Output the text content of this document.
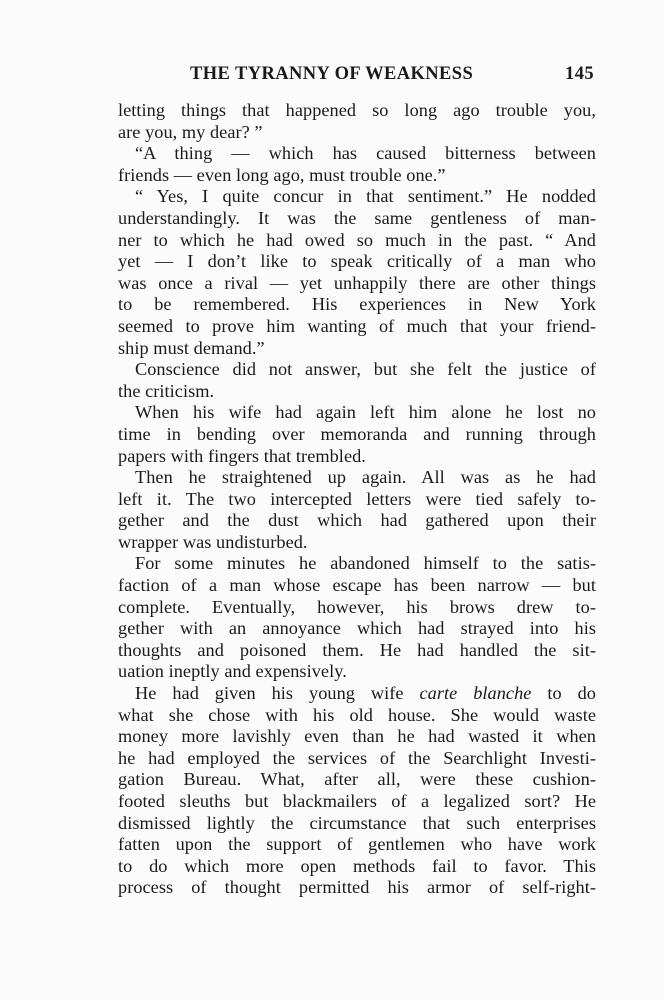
THE TYRANNY OF WEAKNESS	145
letting things that happened so long ago trouble you,
are you, my dear? ”
“A thing — which has caused bitterness between
friends — even long ago, must trouble one.”
“ Yes, I quite concur in that sentiment.” He nodded
understandingly. It was the same gentleness of man-
ner to which he had owed so much in the past. “ And
yet — I don’t like to speak critically of a man who
was once a rival — yet unhappily there are other things
to be remembered. His experiences in New York
seemed to prove him wanting of much that your friend-
ship must demand.”
Conscience did not answer, but she felt the justice of
the criticism.
When his wife had again left him alone he lost no
time in bending over memoranda and running through
papers with fingers that trembled.
Then he straightened up again. All was as he had
left it. The two intercepted letters were tied safely to-
gether and the dust which had gathered upon their
wrapper was undisturbed.
For some minutes he abandoned himself to the satis-
faction of a man whose escape has been narrow — but
complete. Eventually, however, his brows drew to-
gether with an annoyance which had strayed into his
thoughts and poisoned them. He had handled the sit-
uation ineptly and expensively.
He had given his young wife carte blanche to do
what she chose with his old house. She would waste
money more lavishly even than he had wasted it when
he had employed the services of the Searchlight Investi-
gation Bureau. What, after all, were these cushion-
footed sleuths but blackmailers of a legalized sort? He
dismissed lightly the circumstance that such enterprises
fatten upon the support of gentlemen who have work
to do which more open methods fail to favor. This
process of thought permitted his armor of self-right-
